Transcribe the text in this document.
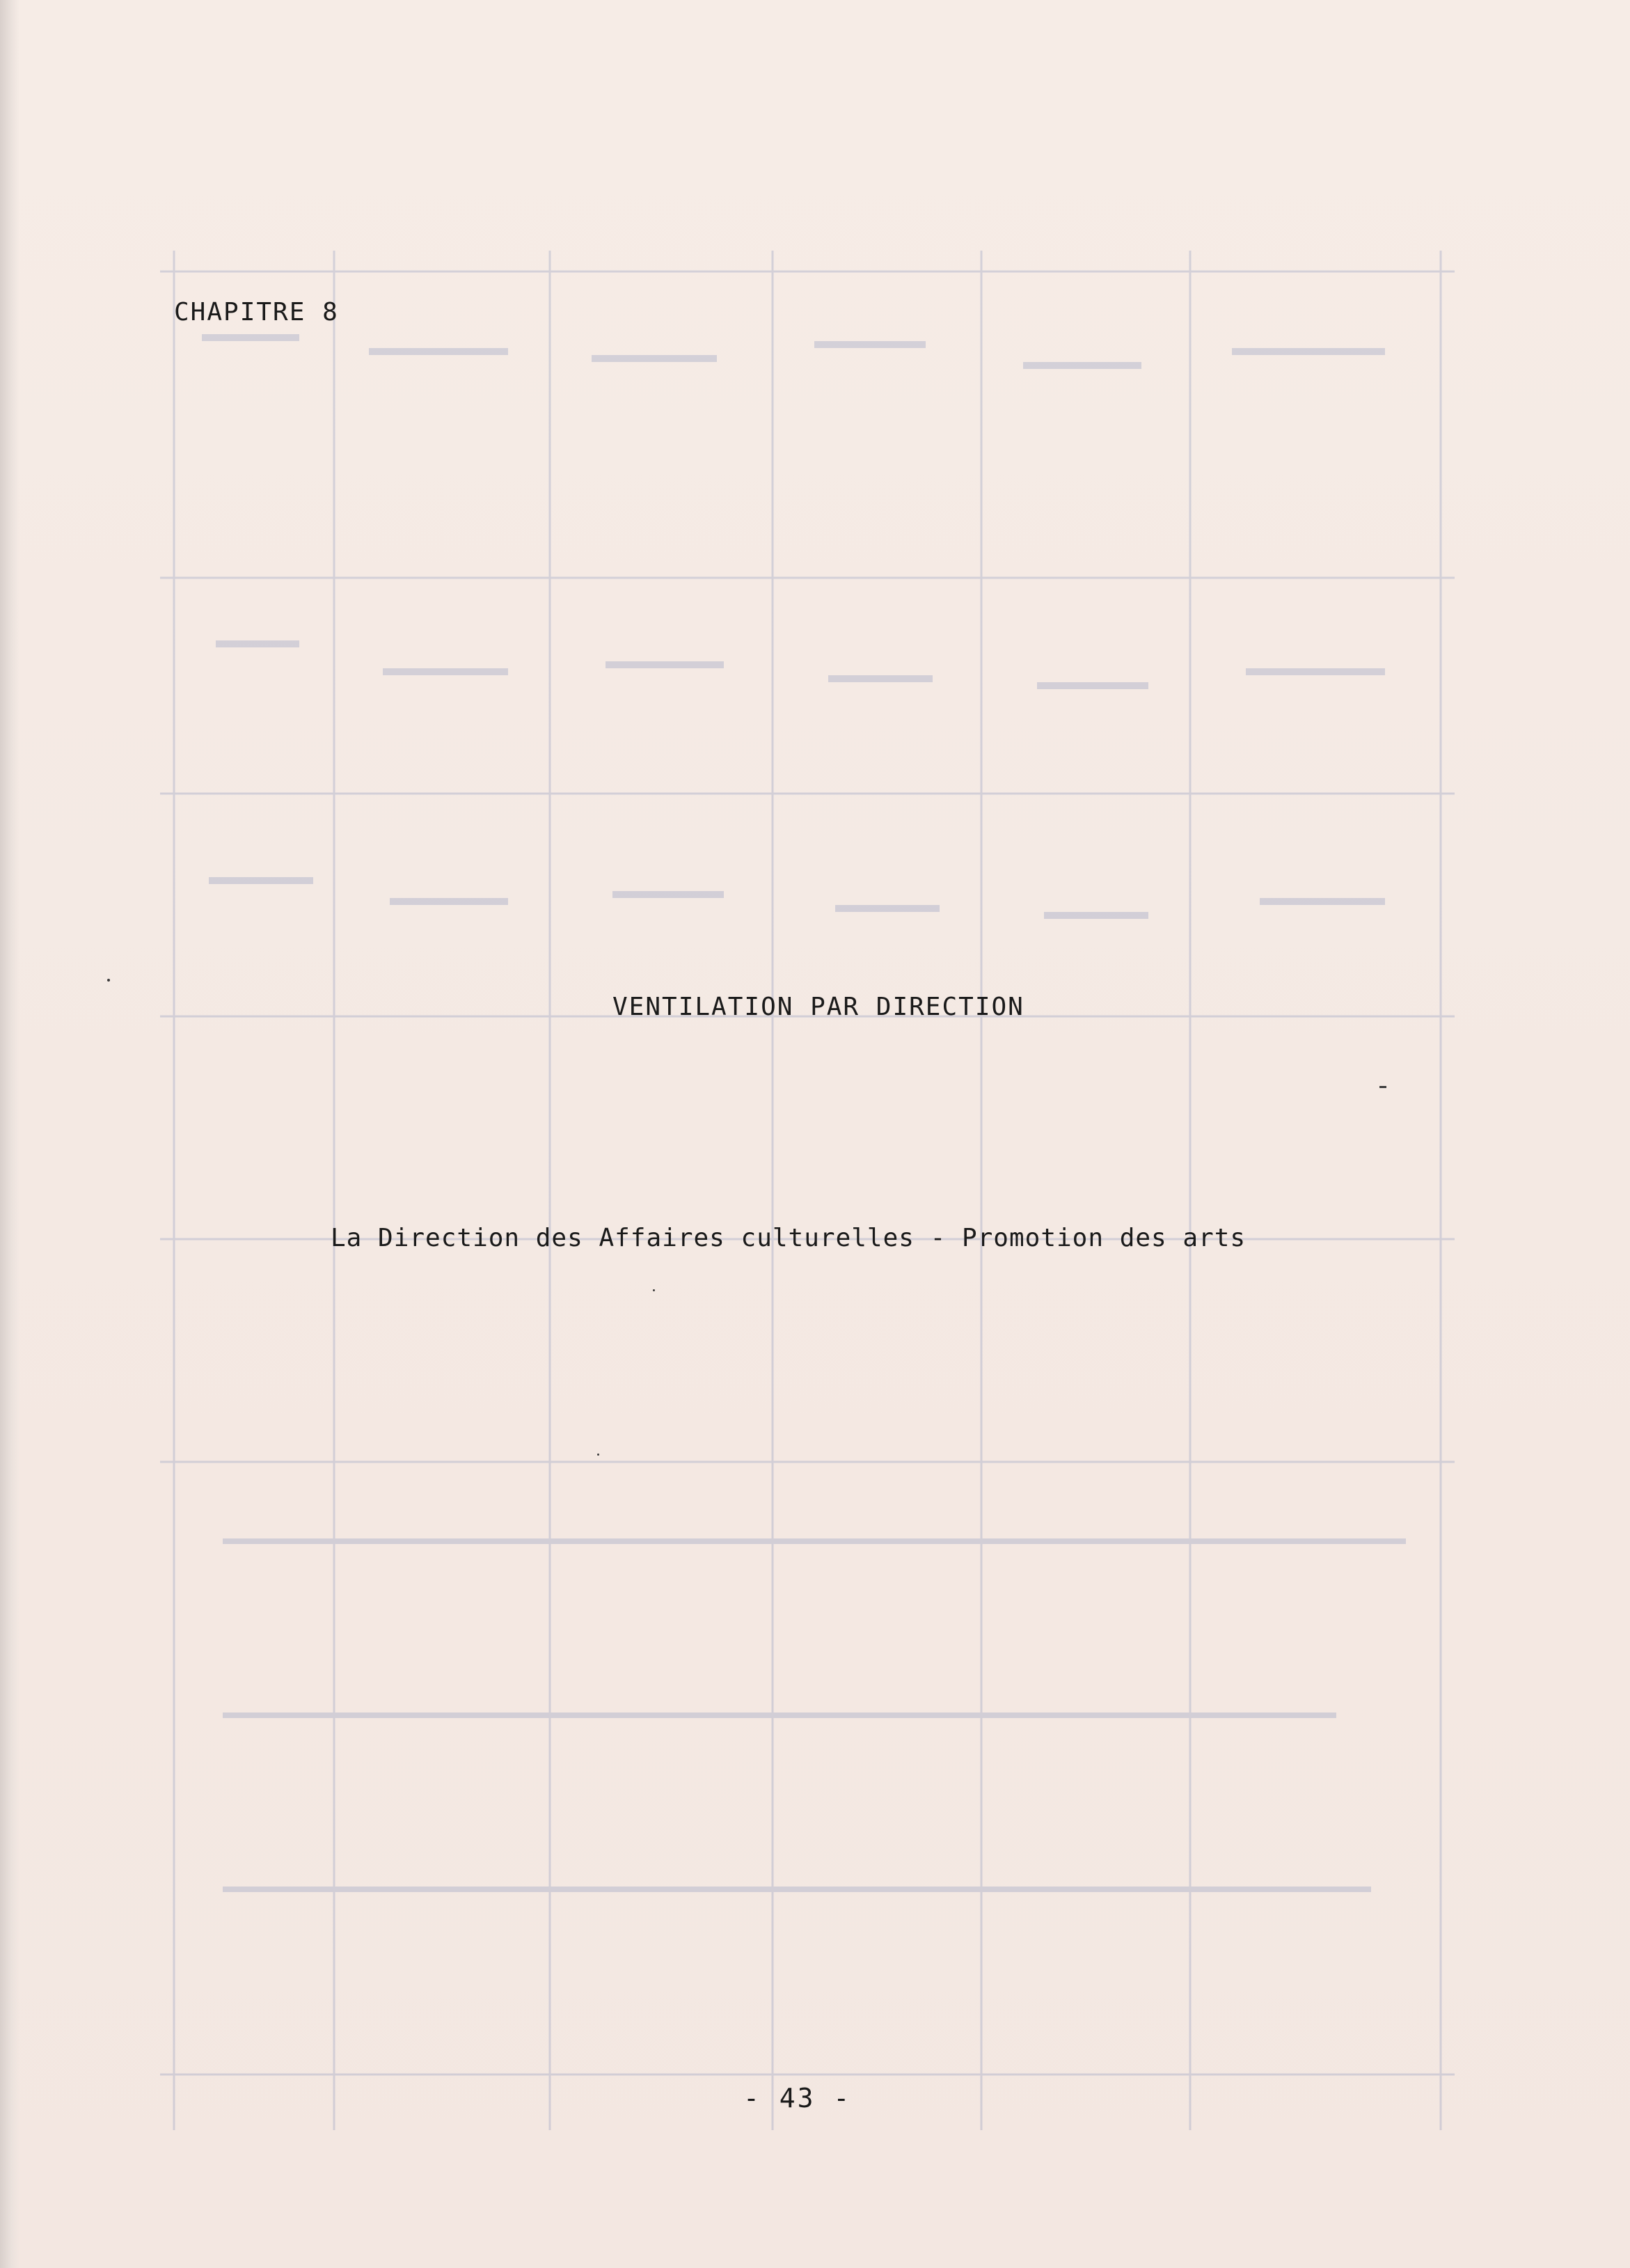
CHAPITRE 8
VENTILATION PAR DIRECTION
La Direction des Affaires culturelles - Promotion des arts
- 43 -
